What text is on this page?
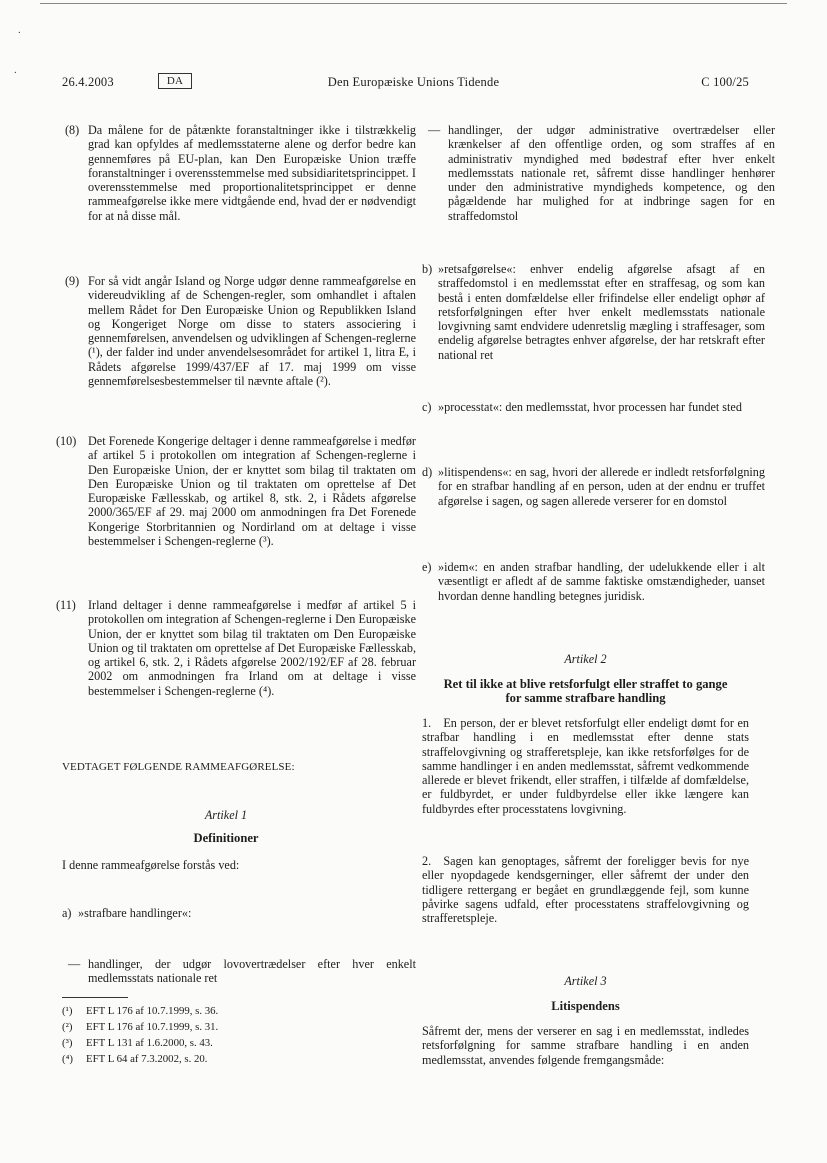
.
.
26.4.2003	DA	Den Europæiske Unions Tidende	C 100/25
(8) Da målene for de påtænkte foranstaltninger ikke i tilstrækkelig grad kan opfyldes af medlemsstaterne alene og derfor bedre kan gennemføres på EU-plan, kan Den Europæiske Union træffe foranstaltninger i overensstemmelse med subsidiaritetsprincippet. I overensstemmelse med proportionalitetsprincippet er denne rammeafgørelse ikke mere vidtgående end, hvad der er nødvendigt for at nå disse mål.
(9) For så vidt angår Island og Norge udgør denne rammeafgørelse en videreudvikling af de Schengen-regler, som omhandlet i aftalen mellem Rådet for Den Europæiske Union og Republikken Island og Kongeriget Norge om disse to staters associering i gennemførelsen, anvendelsen og udviklingen af Schengen-reglerne (¹), der falder ind under anvendelsesområdet for artikel 1, litra E, i Rådets afgørelse 1999/437/EF af 17. maj 1999 om visse gennemførelsesbestemmelser til nævnte aftale (²).
(10) Det Forenede Kongerige deltager i denne rammeafgørelse i medfør af artikel 5 i protokollen om integration af Schengen-reglerne i Den Europæiske Union, der er knyttet som bilag til traktaten om Den Europæiske Union og til traktaten om oprettelse af Det Europæiske Fællesskab, og artikel 8, stk. 2, i Rådets afgørelse 2000/365/EF af 29. maj 2000 om anmodningen fra Det Forenede Kongerige Storbritannien og Nordirland om at deltage i visse bestemmelser i Schengen-reglerne (³).
(11) Irland deltager i denne rammeafgørelse i medfør af artikel 5 i protokollen om integration af Schengen-reglerne i Den Europæiske Union, der er knyttet som bilag til traktaten om Den Europæiske Union og til traktaten om oprettelse af Det Europæiske Fællesskab, og artikel 6, stk. 2, i Rådets afgørelse 2002/192/EF af 28. februar 2002 om anmodningen fra Irland om at deltage i visse bestemmelser i Schengen-reglerne (⁴).
VEDTAGET FØLGENDE RAMMEAFGØRELSE:
Artikel 1
Definitioner
I denne rammeafgørelse forstås ved:
a) »strafbare handlinger«:
— handlinger, der udgør lovovertrædelser efter hver enkelt medlemsstats nationale ret
(¹) EFT L 176 af 10.7.1999, s. 36.
(²) EFT L 176 af 10.7.1999, s. 31.
(³) EFT L 131 af 1.6.2000, s. 43.
(⁴) EFT L 64 af 7.3.2002, s. 20.
— handlinger, der udgør administrative overtrædelser eller krænkelser af den offentlige orden, og som straffes af en administrativ myndighed med bødestraf efter hver enkelt medlemsstats nationale ret, såfremt disse handlinger henhører under den administrative myndigheds kompetence, og den pågældende har mulighed for at indbringe sagen for en straffedomstol
b) »retsafgørelse«: enhver endelig afgørelse afsagt af en straffedomstol i en medlemsstat efter en straffesag, og som kan bestå i enten domfældelse eller frifindelse eller endeligt ophør af retsforfølgningen efter hver enkelt medlemsstats nationale lovgivning samt endvidere udenretslig mægling i straffesager, som endelig afgørelse betragtes enhver afgørelse, der har retskraft efter national ret
c) »processtat«: den medlemsstat, hvor processen har fundet sted
d) »litispendens«: en sag, hvori der allerede er indledt retsforfølgning for en strafbar handling af en person, uden at der endnu er truffet afgørelse i sagen, og sagen allerede verserer for en domstol
e) »idem«: en anden strafbar handling, der udelukkende eller i alt væsentligt er afledt af de samme faktiske omstændigheder, uanset hvordan denne handling betegnes juridisk.
Artikel 2
Ret til ikke at blive retsforfulgt eller straffet to gange for samme strafbare handling
1. En person, der er blevet retsforfulgt eller endeligt dømt for en strafbar handling i en medlemsstat efter denne stats straffelovgivning og strafferetspleje, kan ikke retsforfølges for de samme handlinger i en anden medlemsstat, såfremt vedkommende allerede er blevet frikendt, eller straffen, i tilfælde af domfældelse, er fuldbyrdet, er under fuldbyrdelse eller ikke længere kan fuldbyrdes efter processtatens lovgivning.
2. Sagen kan genoptages, såfremt der foreligger bevis for nye eller nyopdagede kendsgerninger, eller såfremt der under den tidligere rettergang er begået en grundlæggende fejl, som kunne påvirke sagens udfald, efter processtatens straffelovgivning og strafferetspleje.
Artikel 3
Litispendens
Såfremt der, mens der verserer en sag i en medlemsstat, indledes retsforfølgning for samme strafbare handling i en anden medlemsstat, anvendes følgende fremgangsmåde:
